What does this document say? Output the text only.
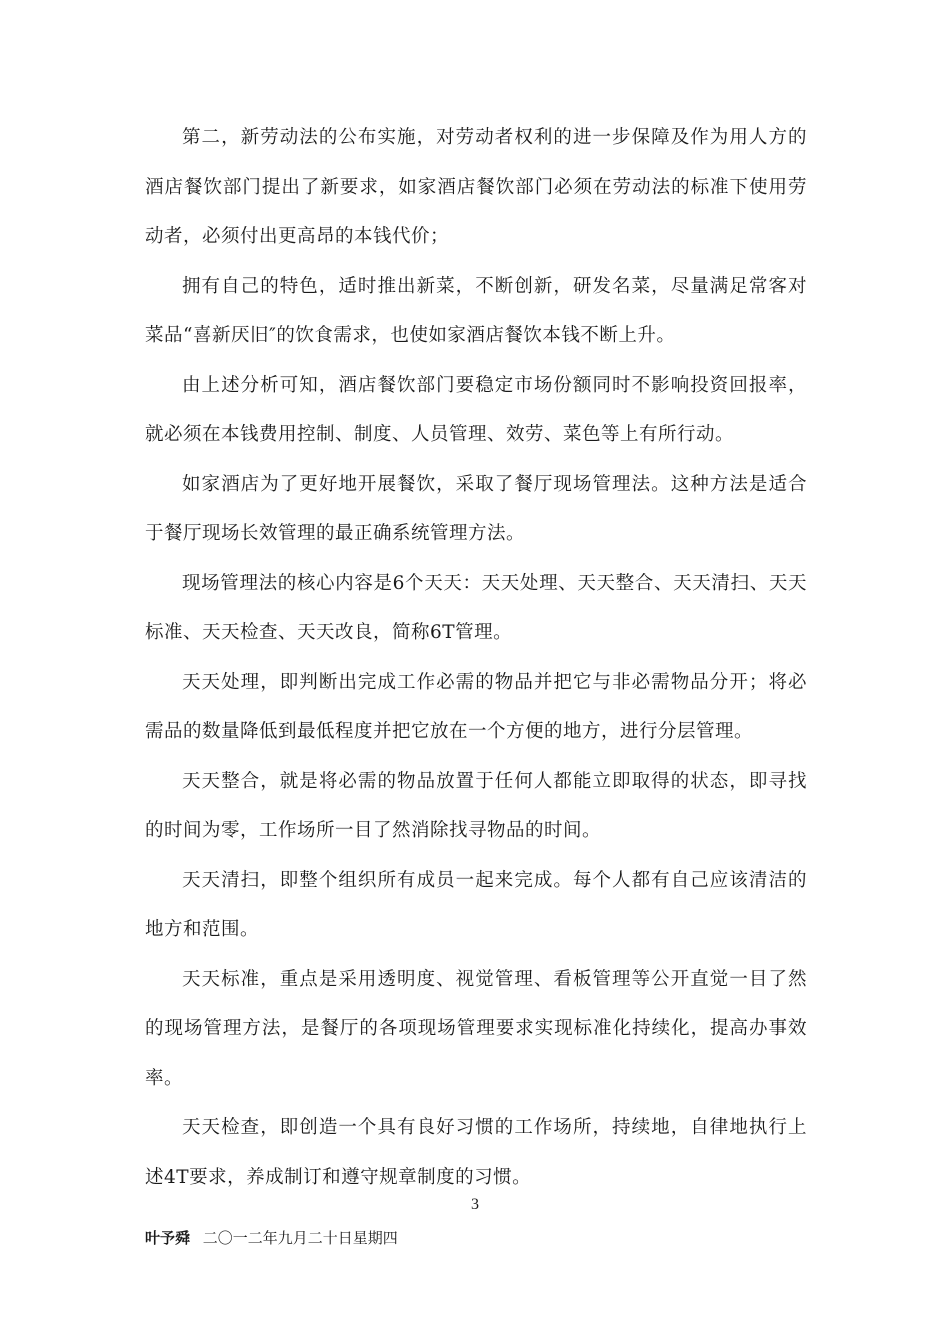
第二，新劳动法的公布实施，对劳动者权利的进一步保障及作为用人方的酒店餐饮部门提出了新要求，如家酒店餐饮部门必须在劳动法的标准下使用劳动者，必须付出更高昂的本钱代价；

拥有自己的特色，适时推出新菜，不断创新，研发名菜，尽量满足常客对菜品“喜新厌旧″的饮食需求，也使如家酒店餐饮本钱不断上升。

由上述分析可知，酒店餐饮部门要稳定市场份额同时不影响投资回报率，就必须在本钱费用控制、制度、人员管理、效劳、菜色等上有所行动。

如家酒店为了更好地开展餐饮，采取了餐厅现场管理法。这种方法是适合于餐厅现场长效管理的最正确系统管理方法。

现场管理法的核心内容是6个天天：天天处理、天天整合、天天清扫、天天标准、天天检查、天天改良，简称6T管理。

天天处理，即判断出完成工作必需的物品并把它与非必需物品分开；将必需品的数量降低到最低程度并把它放在一个方便的地方，进行分层管理。

天天整合，就是将必需的物品放置于任何人都能立即取得的状态，即寻找的时间为零，工作场所一目了然消除找寻物品的时间。

天天清扫，即整个组织所有成员一起来完成。每个人都有自己应该清洁的地方和范围。

天天标准，重点是采用透明度、视觉管理、看板管理等公开直觉一目了然的现场管理方法，是餐厅的各项现场管理要求实现标准化持续化，提高办事效率。

天天检查，即创造一个具有良好习惯的工作场所，持续地，自律地执行上述4T要求，养成制订和遵守规章制度的习惯。

3
叶予舜 二〇一二年九月二十日星期四
